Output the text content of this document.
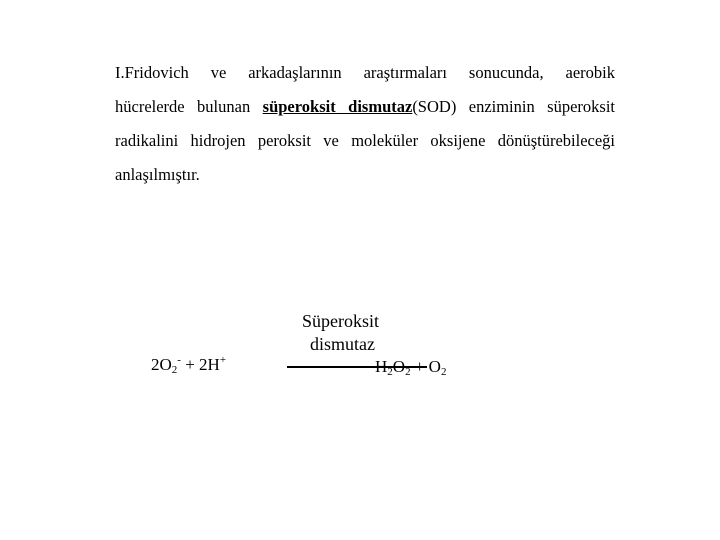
I.Fridovich ve arkadaşlarının araştırmaları sonucunda, aerobik
hücrelerde bulunan süperoksit dismutaz(SOD) enziminin süperoksit
radikalini hidrojen peroksit ve moleküler oksijene dönüştürebileceği
anlaşılmıştır.
$2O_2^- + 2H^+$
Süperoksit
dismutaz
$H_2O_2 + O_2$
